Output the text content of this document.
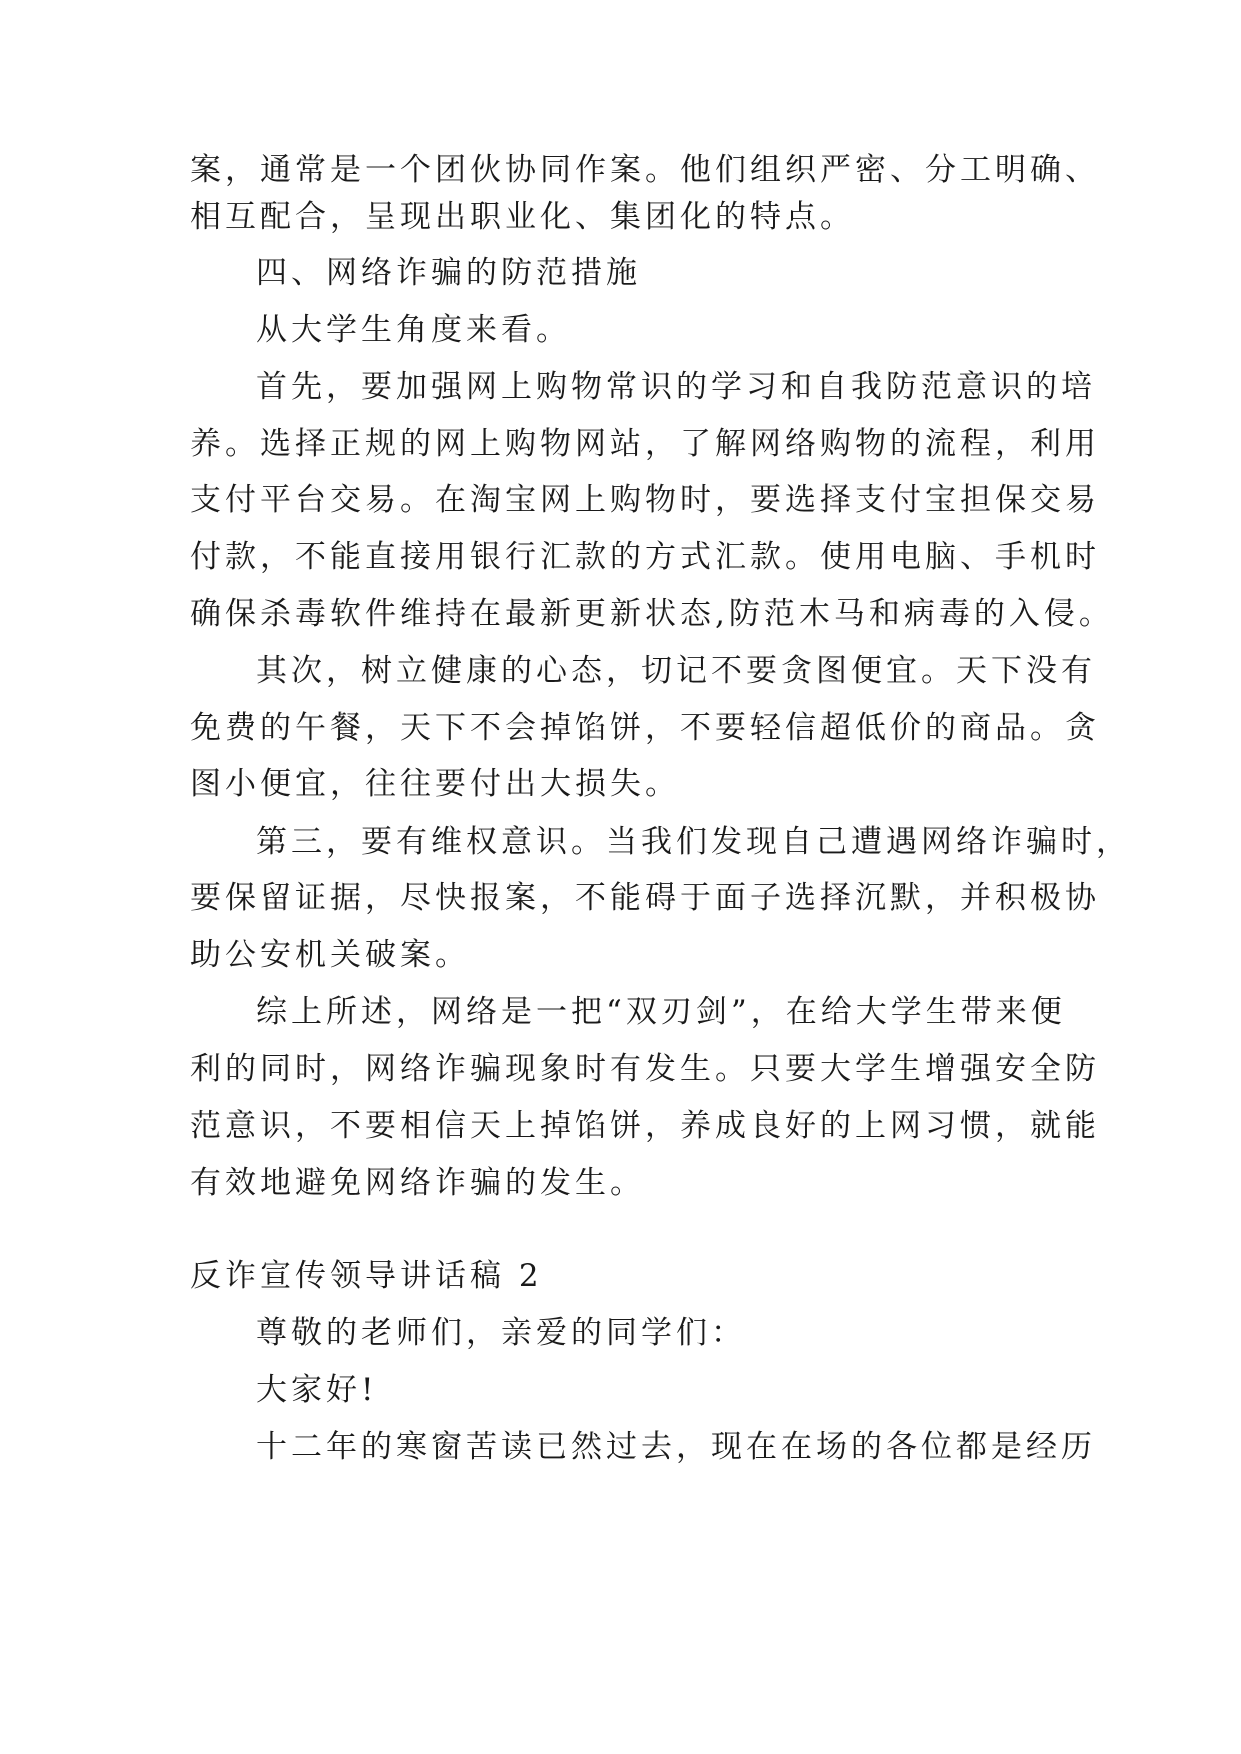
案，通常是一个团伙协同作案。他们组织严密、分工明确、
相互配合，呈现出职业化、集团化的特点。
四、网络诈骗的防范措施
从大学生角度来看。
首先，要加强网上购物常识的学习和自我防范意识的培
养。选择正规的网上购物网站，了解网络购物的流程，利用
支付平台交易。在淘宝网上购物时，要选择支付宝担保交易
付款，不能直接用银行汇款的方式汇款。使用电脑、手机时
确保杀毒软件维持在最新更新状态,防范木马和病毒的入侵。
其次，树立健康的心态，切记不要贪图便宜。天下没有
免费的午餐，天下不会掉馅饼，不要轻信超低价的商品。贪
图小便宜，往往要付出大损失。
第三，要有维权意识。当我们发现自己遭遇网络诈骗时，
要保留证据，尽快报案，不能碍于面子选择沉默，并积极协
助公安机关破案。
综上所述，网络是一把“双刃剑”，在给大学生带来便
利的同时，网络诈骗现象时有发生。只要大学生增强安全防
范意识，不要相信天上掉馅饼，养成良好的上网习惯，就能
有效地避免网络诈骗的发生。
反诈宣传领导讲话稿 2
尊敬的老师们，亲爱的同学们：
大家好!
十二年的寒窗苦读已然过去，现在在场的各位都是经历
